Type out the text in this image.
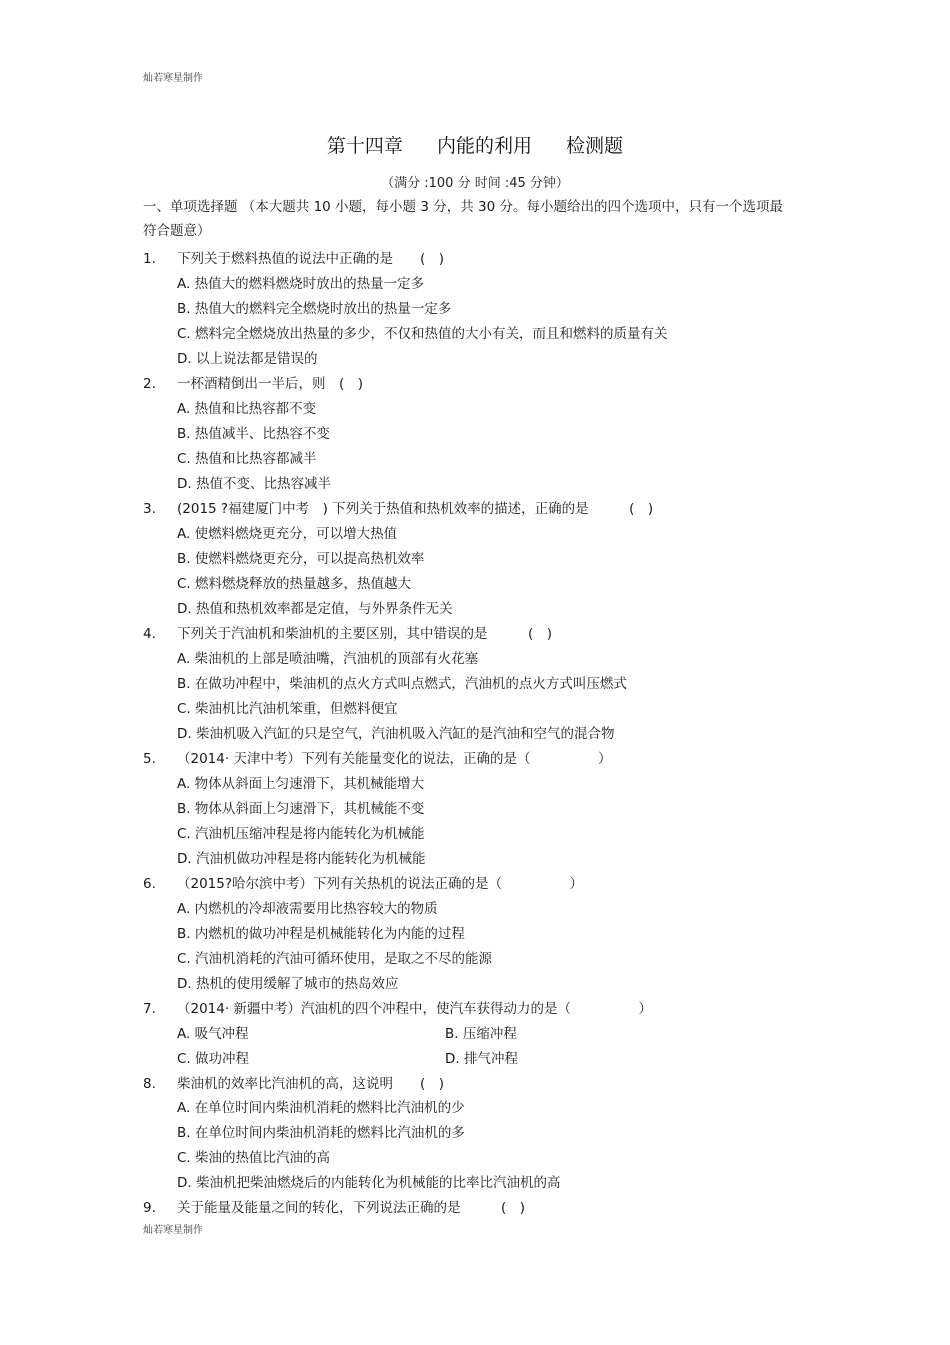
灿若寒星制作
第十四章 内能的利用 检测题
（满分 :100 分 时间 :45 分钟）
一、单项选择题 （本大题共 10 小题，每小题 3 分，共 30 分。每小题给出的四个选项中，只有一个选项最符合题意）
1. 下列关于燃料热值的说法中正确的是　　(　)
A. 热值大的燃料燃烧时放出的热量一定多
B. 热值大的燃料完全燃烧时放出的热量一定多
C. 燃料完全燃烧放出热量的多少，不仅和热值的大小有关，而且和燃料的质量有关
D. 以上说法都是错误的
2. 一杯酒精倒出一半后，则　(　)
A. 热值和比热容都不变
B. 热值减半、比热容不变
C. 热值和比热容都减半
D. 热值不变、比热容减半
3. (2015 ?福建厦门中考　) 下列关于热值和热机效率的描述，正确的是　　　(　)
A. 使燃料燃烧更充分，可以增大热值
B. 使燃料燃烧更充分，可以提高热机效率
C. 燃料燃烧释放的热量越多，热值越大
D. 热值和热机效率都是定值，与外界条件无关
4. 下列关于汽油机和柴油机的主要区别，其中错误的是　　　(　)
A. 柴油机的上部是喷油嘴，汽油机的顶部有火花塞
B. 在做功冲程中，柴油机的点火方式叫点燃式，汽油机的点火方式叫压燃式
C. 柴油机比汽油机笨重，但燃料便宜
D. 柴油机吸入汽缸的只是空气，汽油机吸入汽缸的是汽油和空气的混合物
5. （2014· 天津中考）下列有关能量变化的说法，正确的是（　　　　　）
A. 物体从斜面上匀速滑下，其机械能增大
B. 物体从斜面上匀速滑下，其机械能不变
C. 汽油机压缩冲程是将内能转化为机械能
D. 汽油机做功冲程是将内能转化为机械能
6. （2015?哈尔滨中考）下列有关热机的说法正确的是（　　　　　）
A. 内燃机的冷却液需要用比热容较大的物质
B. 内燃机的做功冲程是机械能转化为内能的过程
C. 汽油机消耗的汽油可循环使用，是取之不尽的能源
D. 热机的使用缓解了城市的热岛效应
7. （2014· 新疆中考）汽油机的四个冲程中，使汽车获得动力的是（　　　　　）
A. 吸气冲程	B. 压缩冲程
C. 做功冲程	D. 排气冲程
8. 柴油机的效率比汽油机的高，这说明　　(　)
A. 在单位时间内柴油机消耗的燃料比汽油机的少
B. 在单位时间内柴油机消耗的燃料比汽油机的多
C. 柴油的热值比汽油的高
D. 柴油机把柴油燃烧后的内能转化为机械能的比率比汽油机的高
9. 关于能量及能量之间的转化，下列说法正确的是　　　(　)
灿若寒星制作
